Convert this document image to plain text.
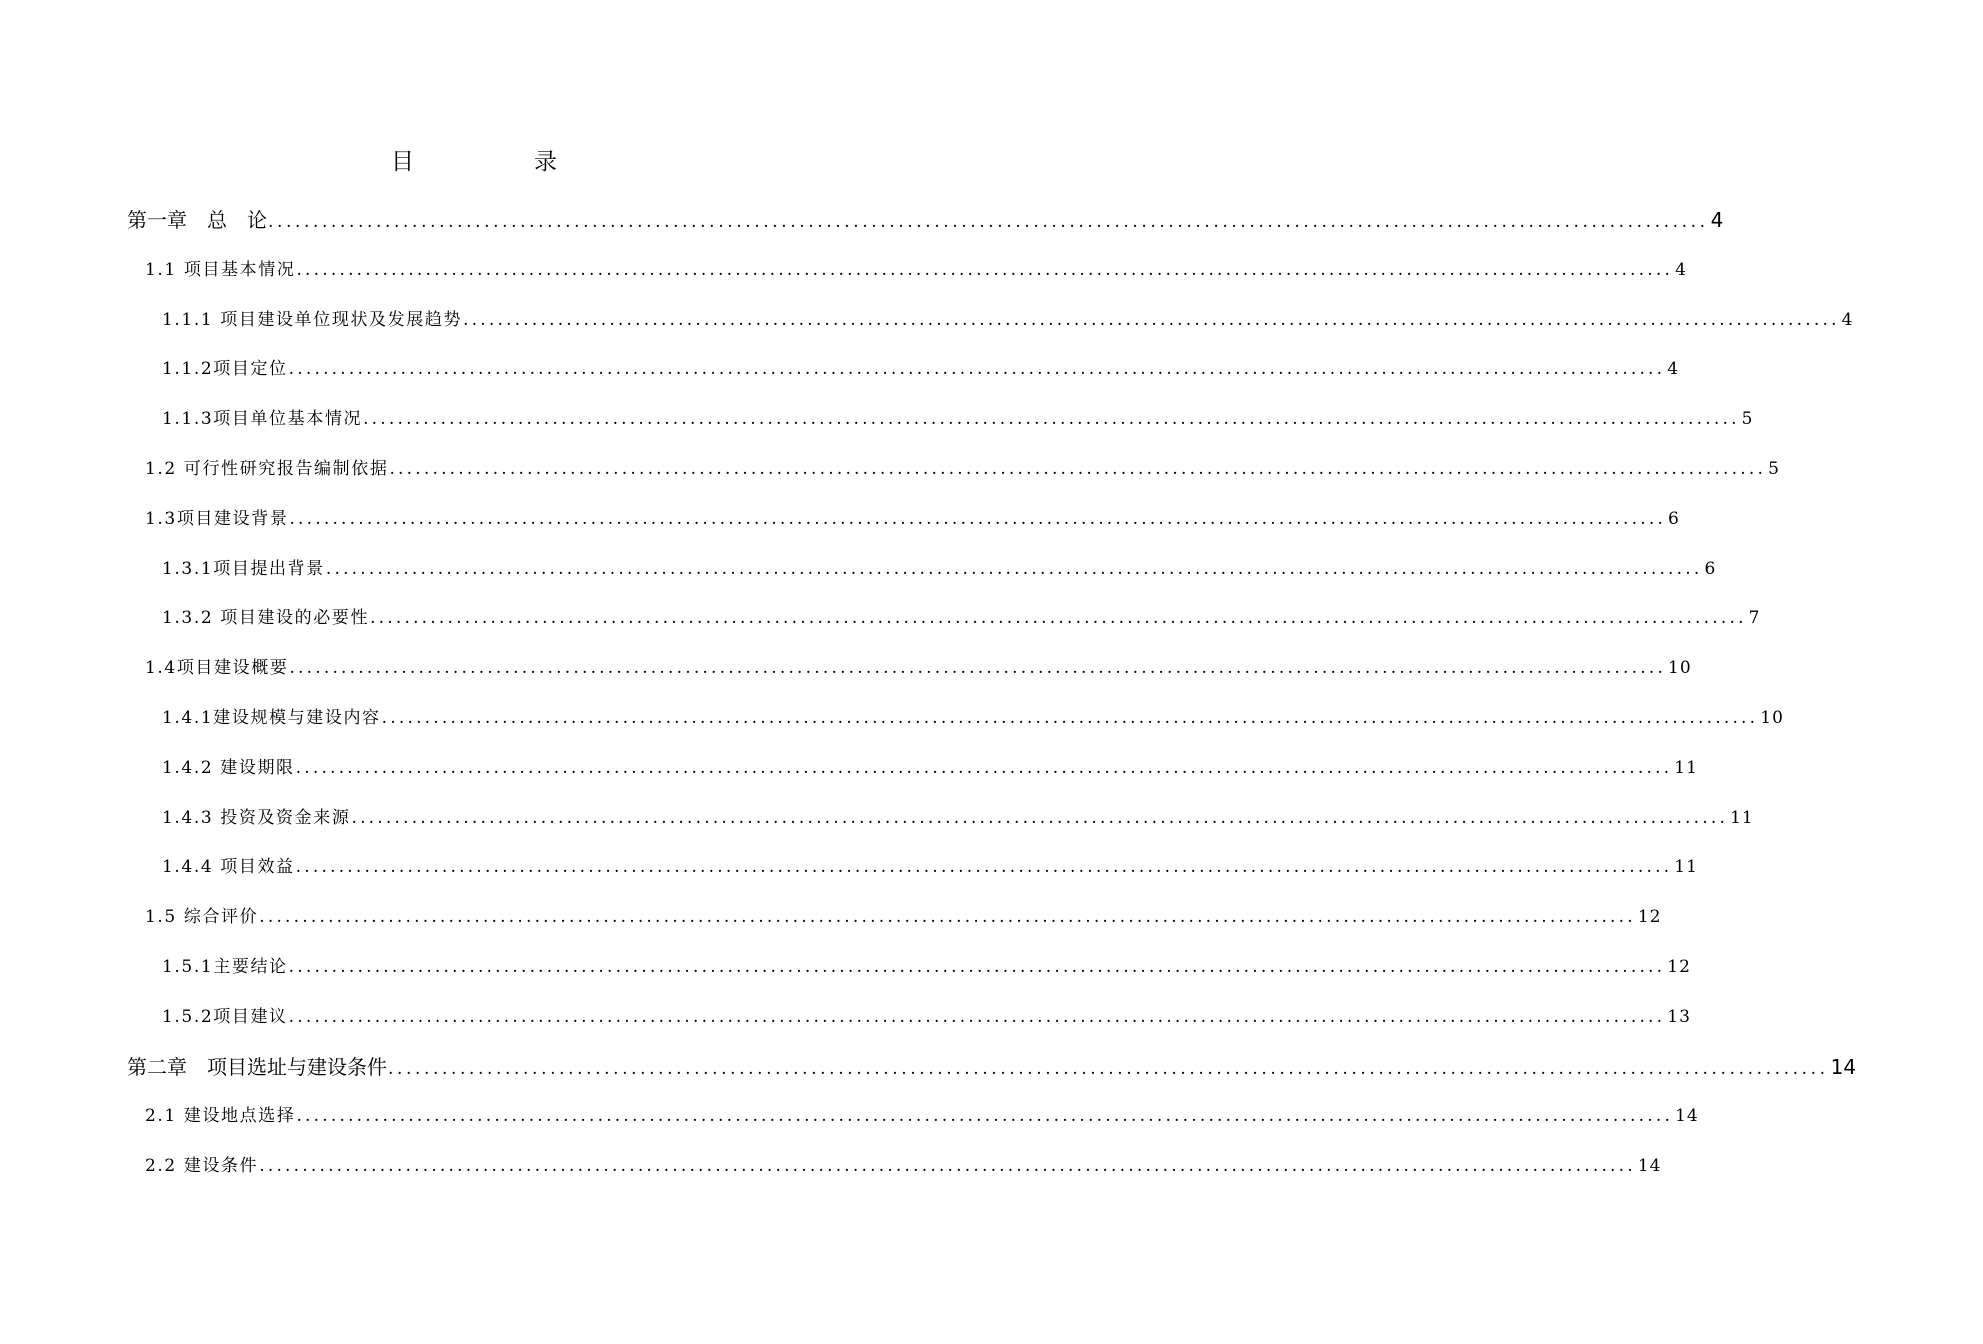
目	录
第一章　总　论 ................................................................................................................................................................ 4
1.1 项目基本情况 ................................................................................................................................................................ 4
1.1.1 项目建设单位现状及发展趋势 ................................................................................................................................................................ 4
1.1.2项目定位 ................................................................................................................................................................ 4
1.1.3项目单位基本情况 ................................................................................................................................................................ 5
1.2 可行性研究报告编制依据 ................................................................................................................................................................ 5
1.3项目建设背景 ................................................................................................................................................................ 6
1.3.1项目提出背景 ................................................................................................................................................................ 6
1.3.2 项目建设的必要性 ................................................................................................................................................................ 7
1.4项目建设概要 ................................................................................................................................................................ 10
1.4.1建设规模与建设内容 ................................................................................................................................................................ 10
1.4.2 建设期限 ................................................................................................................................................................ 11
1.4.3 投资及资金来源 ................................................................................................................................................................ 11
1.4.4 项目效益 ................................................................................................................................................................ 11
1.5 综合评价 ................................................................................................................................................................ 12
1.5.1主要结论 ................................................................................................................................................................ 12
1.5.2项目建议 ................................................................................................................................................................ 13
第二章　项目选址与建设条件 ................................................................................................................................................................ 14
2.1 建设地点选择 ................................................................................................................................................................ 14
2.2 建设条件 ................................................................................................................................................................ 14
